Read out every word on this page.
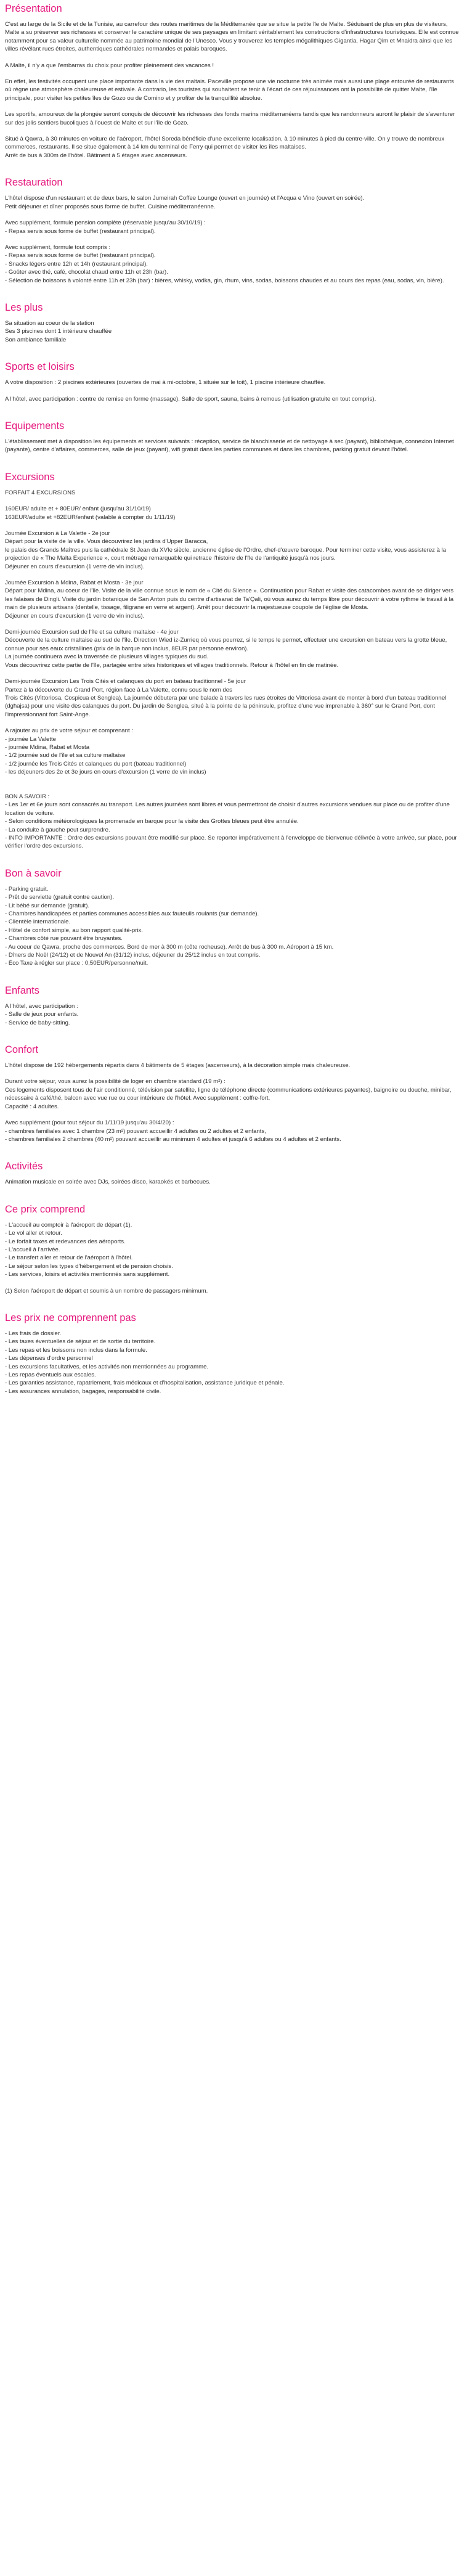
Présentation

C'est au large de la Sicile et de la Tunisie, au carrefour des routes maritimes de la Méditerranée que se situe la petite île de Malte. Séduisant de plus en plus de visiteurs, Malte a su préserver ses richesses et conserver le caractère unique de ses paysages en limitant véritablement les constructions d'infrastructures touristiques. Elle est connue notamment pour sa valeur culturelle nommée au patrimoine mondial de l'Unesco. Vous y trouverez les temples mégalithiques Gigantia, Hagar Qim et Mnaidra ainsi que les villes révélant rues étroites, authentiques cathédrales normandes et palais baroques.

A Malte, il n'y a que l'embarras du choix pour profiter pleinement des vacances !

En effet, les festivités occupent une place importante dans la vie des maltais. Paceville propose une vie nocturne très animée mais aussi une plage entourée de restaurants où règne une atmosphère chaleureuse et estivale. A contrario, les touristes qui souhaitent se tenir à l'écart de ces réjouissances ont la possibilité de quitter Malte, l'île principale, pour visiter les petites îles de Gozo ou de Comino et y profiter de la tranquillité absolue.

Les sportifs, amoureux de la plongée seront conquis de découvrir les richesses des fonds marins méditerranéens tandis que les randonneurs auront le plaisir de s'aventurer sur des jolis sentiers bucoliques à l'ouest de Malte et sur l'île de Gozo.

Situé à Qawra, à 30 minutes en voiture de l'aéroport, l'hôtel Soreda bénéficie d'une excellente localisation, à 10 minutes à pied du centre-ville. On y trouve de nombreux commerces, restaurants. Il se situe également à 14 km du terminal de Ferry qui permet de visiter les îles maltaises.
Arrêt de bus à 300m de l'hôtel. Bâtiment à 5 étages avec ascenseurs.

Restauration

L'hôtel dispose d'un restaurant et de deux bars, le salon Jumeirah Coffee Lounge (ouvert en journée) et l'Acqua e Vino (ouvert en soirée).
Petit déjeuner et dîner proposés sous forme de buffet. Cuisine méditerranéenne.

Avec supplément, formule pension complète (réservable jusqu'au 30/10/19) :
- Repas servis sous forme de buffet (restaurant principal).

Avec supplément, formule tout compris :
- Repas servis sous forme de buffet (restaurant principal).
- Snacks légers entre 12h et 14h (restaurant principal).
- Goûter avec thé, café, chocolat chaud entre 11h et 23h (bar).
- Sélection de boissons à volonté entre 11h et 23h (bar) : bières, whisky, vodka, gin, rhum, vins, sodas, boissons chaudes et au cours des repas (eau, sodas, vin, bière).

Les plus

Sa situation au coeur de la station
Ses 3 piscines dont 1 intérieure chauffée
Son ambiance familiale

Sports et loisirs

A votre disposition : 2 piscines extérieures (ouvertes de mai à mi-octobre, 1 située sur le toit), 1 piscine intérieure chauffée.

A l'hôtel, avec participation : centre de remise en forme (massage). Salle de sport, sauna, bains à remous (utilisation gratuite en tout compris).

Equipements

L'établissement met à disposition les équipements et services suivants : réception, service de blanchisserie et de nettoyage à sec (payant), bibliothèque, connexion Internet (payante), centre d'affaires, commerces, salle de jeux (payant), wifi gratuit dans les parties communes et dans les chambres, parking gratuit devant l'hôtel.

Excursions

FORFAIT 4 EXCURSIONS

160EUR/ adulte et + 80EUR/ enfant (jusqu'au 31/10/19)
163EUR/adulte et +82EUR/enfant (valable à compter du 1/11/19)

Journée Excursion à La Valette - 2e jour
Départ pour la visite de la ville. Vous découvrirez les jardins d'Upper Baracca,
le palais des Grands Maîtres puis la cathédrale St Jean du XVIe siècle, ancienne église de l'Ordre, chef-d'œuvre baroque. Pour terminer cette visite, vous assisterez à la projection de « The Malta Experience », court métrage remarquable qui retrace l'histoire de l'île de l'antiquité jusqu'à nos jours.
Déjeuner en cours d'excursion (1 verre de vin inclus).

Journée Excursion à Mdina, Rabat et Mosta - 3e jour
Départ pour Mdina, au coeur de l'île. Visite de la ville connue sous le nom de « Cité du Silence ». Continuation pour Rabat et visite des catacombes avant de se diriger vers les falaises de Dingli. Visite du jardin botanique de San Anton puis du centre d'artisanat de Ta'Qali, où vous aurez du temps libre pour découvrir à votre rythme le travail à la main de plusieurs artisans (dentelle, tissage, filigrane en verre et argent). Arrêt pour découvrir la majestueuse coupole de l'église de Mosta.
Déjeuner en cours d'excursion (1 verre de vin inclus).

Demi-journée Excursion sud de l'île et sa culture maltaise - 4e jour
Découverte de la culture maltaise au sud de l'île. Direction Wied iz-Zurrieq où vous pourrez, si le temps le permet, effectuer une excursion en bateau vers la grotte bleue, connue pour ses eaux cristallines (prix de la barque non inclus, 8EUR par personne environ).
La journée continuera avec la traversée de plusieurs villages typiques du sud.
Vous découvrirez cette partie de l'île, partagée entre sites historiques et villages traditionnels. Retour à l'hôtel en fin de matinée.

Demi-journée Excursion Les Trois Cités et calanques du port en bateau traditionnel - 5e jour
Partez à la découverte du Grand Port, région face à La Valette, connu sous le nom des
Trois Cités (Vittoriosa, Cospicua et Senglea). La journée débutera par une balade à travers les rues étroites de Vittoriosa avant de monter à bord d'un bateau traditionnel (dgħajsa) pour une visite des calanques du port. Du jardin de Senglea, situé à la pointe de la péninsule, profitez d'une vue imprenable à 360° sur le Grand Port, dont l'impressionnant fort Saint-Ange.

A rajouter au prix de votre séjour et comprenant :
- journée La Valette
- journée Mdina, Rabat et Mosta
- 1/2 journée sud de l'île et sa culture maltaise
- 1/2 journée les Trois Cités et calanques du port (bateau traditionnel)
- les déjeuners des 2e et 3e jours en cours d'excursion (1 verre de vin inclus)

BON A SAVOIR :
- Les 1er et 6e jours sont consacrés au transport. Les autres journées sont libres et vous permettront de choisir d'autres excursions vendues sur place ou de profiter d'une location de voiture.
- Selon conditions météorologiques la promenade en barque pour la visite des Grottes bleues peut être annulée.
- La conduite à gauche peut surprendre.
- INFO IMPORTANTE : Ordre des excursions pouvant être modifié sur place. Se reporter impérativement à l'enveloppe de bienvenue délivrée à votre arrivée, sur place, pour vérifier l'ordre des excursions.

Bon à savoir

- Parking gratuit.
- Prêt de serviette (gratuit contre caution).
- Lit bébé sur demande (gratuit).
- Chambres handicapées et parties communes accessibles aux fauteuils roulants (sur demande).
- Clientèle internationale.
- Hôtel de confort simple, au bon rapport qualité-prix.
- Chambres côté rue pouvant être bruyantes.
- Au coeur de Qawra, proche des commerces. Bord de mer à 300 m (côte rocheuse). Arrêt de bus à 300 m. Aéroport à 15 km.
- Dîners de Noël (24/12) et de Nouvel An (31/12) inclus, déjeuner du 25/12 inclus en tout compris.
- Éco Taxe à régler sur place : 0,50EUR/personne/nuit.

Enfants

A l'hôtel, avec participation :
- Salle de jeux pour enfants.
- Service de baby-sitting.

Confort

L'hôtel dispose de 192 hébergements répartis dans 4 bâtiments de 5 étages (ascenseurs), à la décoration simple mais chaleureuse.

Durant votre séjour, vous aurez la possibilité de loger en chambre standard (19 m²) :
Ces logements disposent tous de l'air conditionné, télévision par satellite, ligne de téléphone directe (communications extérieures payantes), baignoire ou douche, minibar, nécessaire à café/thé, balcon avec vue rue ou cour intérieure de l'hôtel. Avec supplément : coffre-fort.
Capacité : 4 adultes.

Avec supplément (pour tout séjour du 1/11/19 jusqu'au 30/4/20) :
- chambres familiales avec 1 chambre (23 m²) pouvant accueillir 4 adultes ou 2 adultes et 2 enfants,
- chambres familiales 2 chambres (40 m²) pouvant accueillir au minimum 4 adultes et jusqu'à 6 adultes ou 4 adultes et 2 enfants.

Activités

Animation musicale en soirée avec DJs, soirées disco, karaokés et barbecues.

Ce prix comprend

- L'accueil au comptoir à l'aéroport de départ (1).
- Le vol aller et retour.
- Le forfait taxes et redevances des aéroports.
- L'accueil à l'arrivée.
- Le transfert aller et retour de l'aéroport à l'hôtel.
- Le séjour selon les types d'hébergement et de pension choisis.
- Les services, loisirs et activités mentionnés sans supplément.

(1) Selon l'aéroport de départ et soumis à un nombre de passagers minimum.

Les prix ne comprennent pas

- Les frais de dossier.
- Les taxes éventuelles de séjour et de sortie du territoire.
- Les repas et les boissons non inclus dans la formule.
- Les dépenses d'ordre personnel
- Les excursions facultatives, et les activités non mentionnées au programme.
- Les repas éventuels aux escales.
- Les garanties assistance, rapatriement, frais médicaux et d'hospitalisation, assistance juridique et pénale.
- Les assurances annulation, bagages, responsabilité civile.
